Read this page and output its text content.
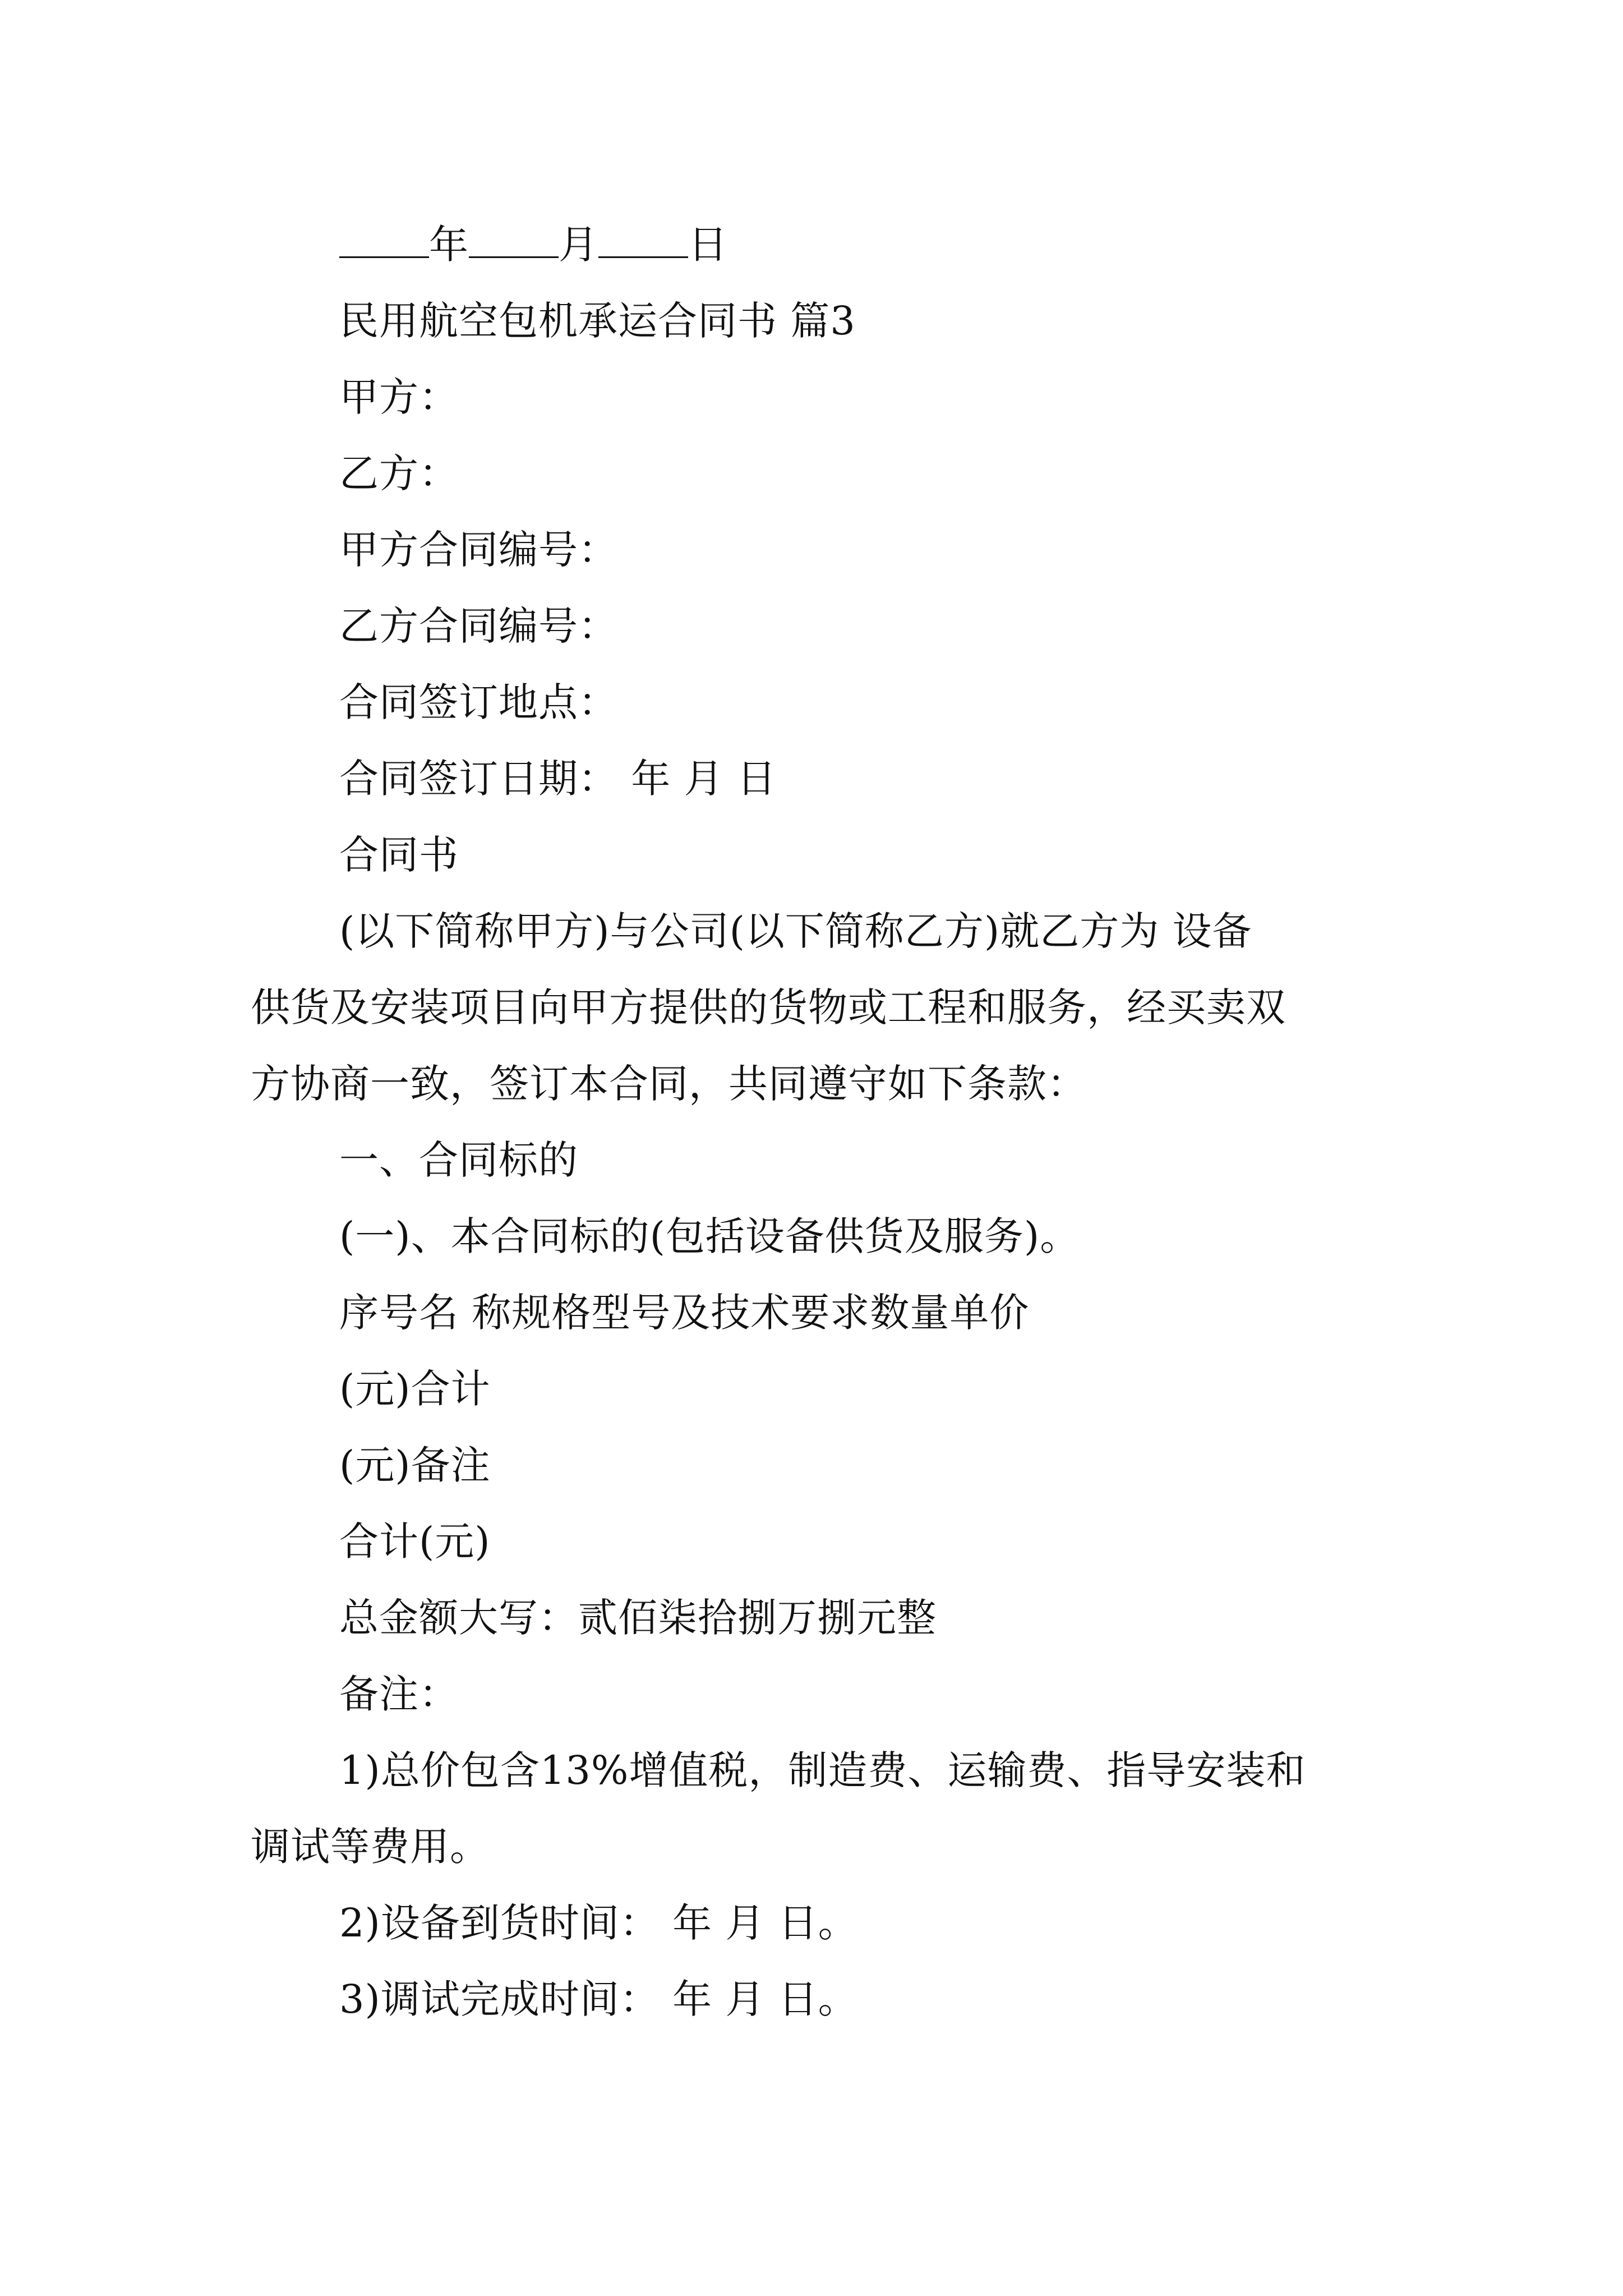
年 月 日
民用航空包机承运合同书 篇3
甲方：
乙方：
甲方合同编号：
乙方合同编号：
合同签订地点：
合同签订日期： 年 月 日
合同书
(以下简称甲方)与公司(以下简称乙方)就乙方为 设备
供货及安装项目向甲方提供的货物或工程和服务，经买卖双
方协商一致，签订本合同，共同遵守如下条款：
一、合同标的
(一)、本合同标的(包括设备供货及服务)。
序号名 称规格型号及技术要求数量单价
(元)合计
(元)备注
合计(元)
总金额大写：贰佰柒拾捌万捌元整
备注：
1)总价包含13%增值税，制造费、运输费、指导安装和
调试等费用。
2)设备到货时间： 年 月 日。
3)调试完成时间： 年 月 日。
